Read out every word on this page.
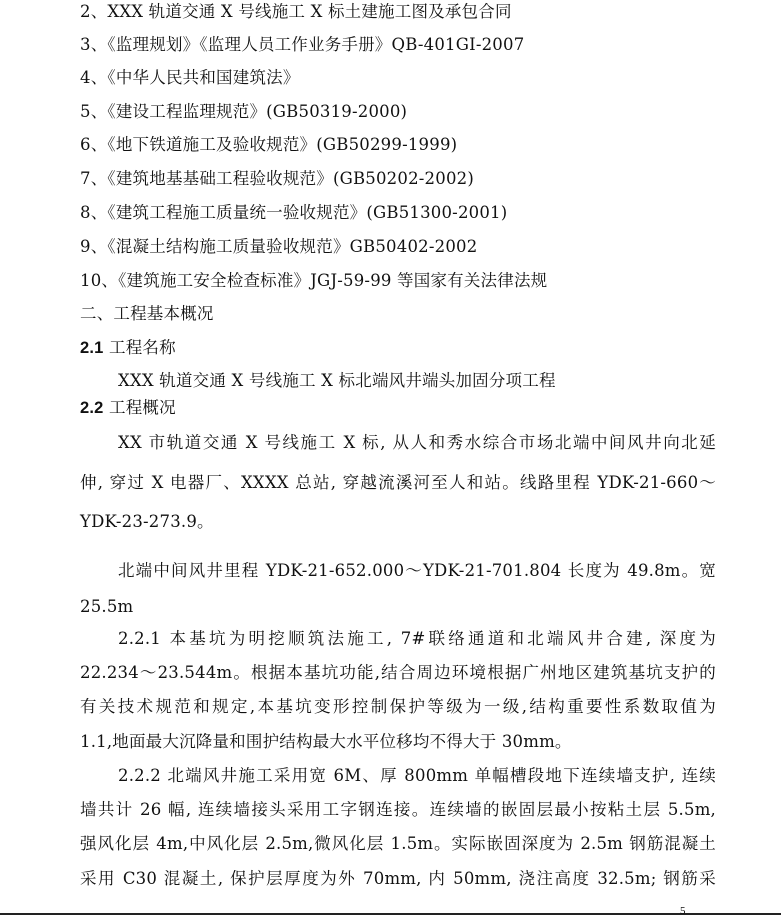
2、XXX 轨道交通 X 号线施工 X 标土建施工图及承包合同
3、《监理规划》《监理人员工作业务手册》QB-401GI-2007
4、《中华人民共和国建筑法》
5、《建设工程监理规范》(GB50319-2000)
6、《地下铁道施工及验收规范》(GB50299-1999)
7、《建筑地基基础工程验收规范》(GB50202-2002)
8、《建筑工程施工质量统一验收规范》(GB51300-2001)
9、《混凝土结构施工质量验收规范》GB50402-2002
10、《建筑施工安全检查标准》JGJ-59-99 等国家有关法律法规
二、工程基本概况
2.1 工程名称
XXX 轨道交通 X 号线施工 X 标北端风井端头加固分项工程
2.2 工程概况
XX 市轨道交通 X 号线施工 X 标, 从人和秀水综合市场北端中间风井向北延
伸, 穿过 X 电器厂、XXXX 总站, 穿越流溪河至人和站。线路里程 YDK-21-660～
YDK-23-273.9。
北端中间风井里程 YDK-21-652.000～YDK-21-701.804 长度为 49.8m。宽
25.5m
2.2.1 本基坑为明挖顺筑法施工, 7#联络通道和北端风井合建, 深度为
22.234～23.544m。根据本基坑功能,结合周边环境根据广州地区建筑基坑支护的
有关技术规范和规定,本基坑变形控制保护等级为一级,结构重要性系数取值为
1.1,地面最大沉降量和围护结构最大水平位移均不得大于 30mm。
2.2.2 北端风井施工采用宽 6M、厚 800mm 单幅槽段地下连续墙支护, 连续
墙共计 26 幅, 连续墙接头采用工字钢连接。连续墙的嵌固层最小按粘土层 5.5m,
强风化层 4m,中风化层 2.5m,微风化层 1.5m。实际嵌固深度为 2.5m 钢筋混凝土
采用 C30 混凝土, 保护层厚度为外 70mm, 内 50mm, 浇注高度 32.5m; 钢筋采
5
